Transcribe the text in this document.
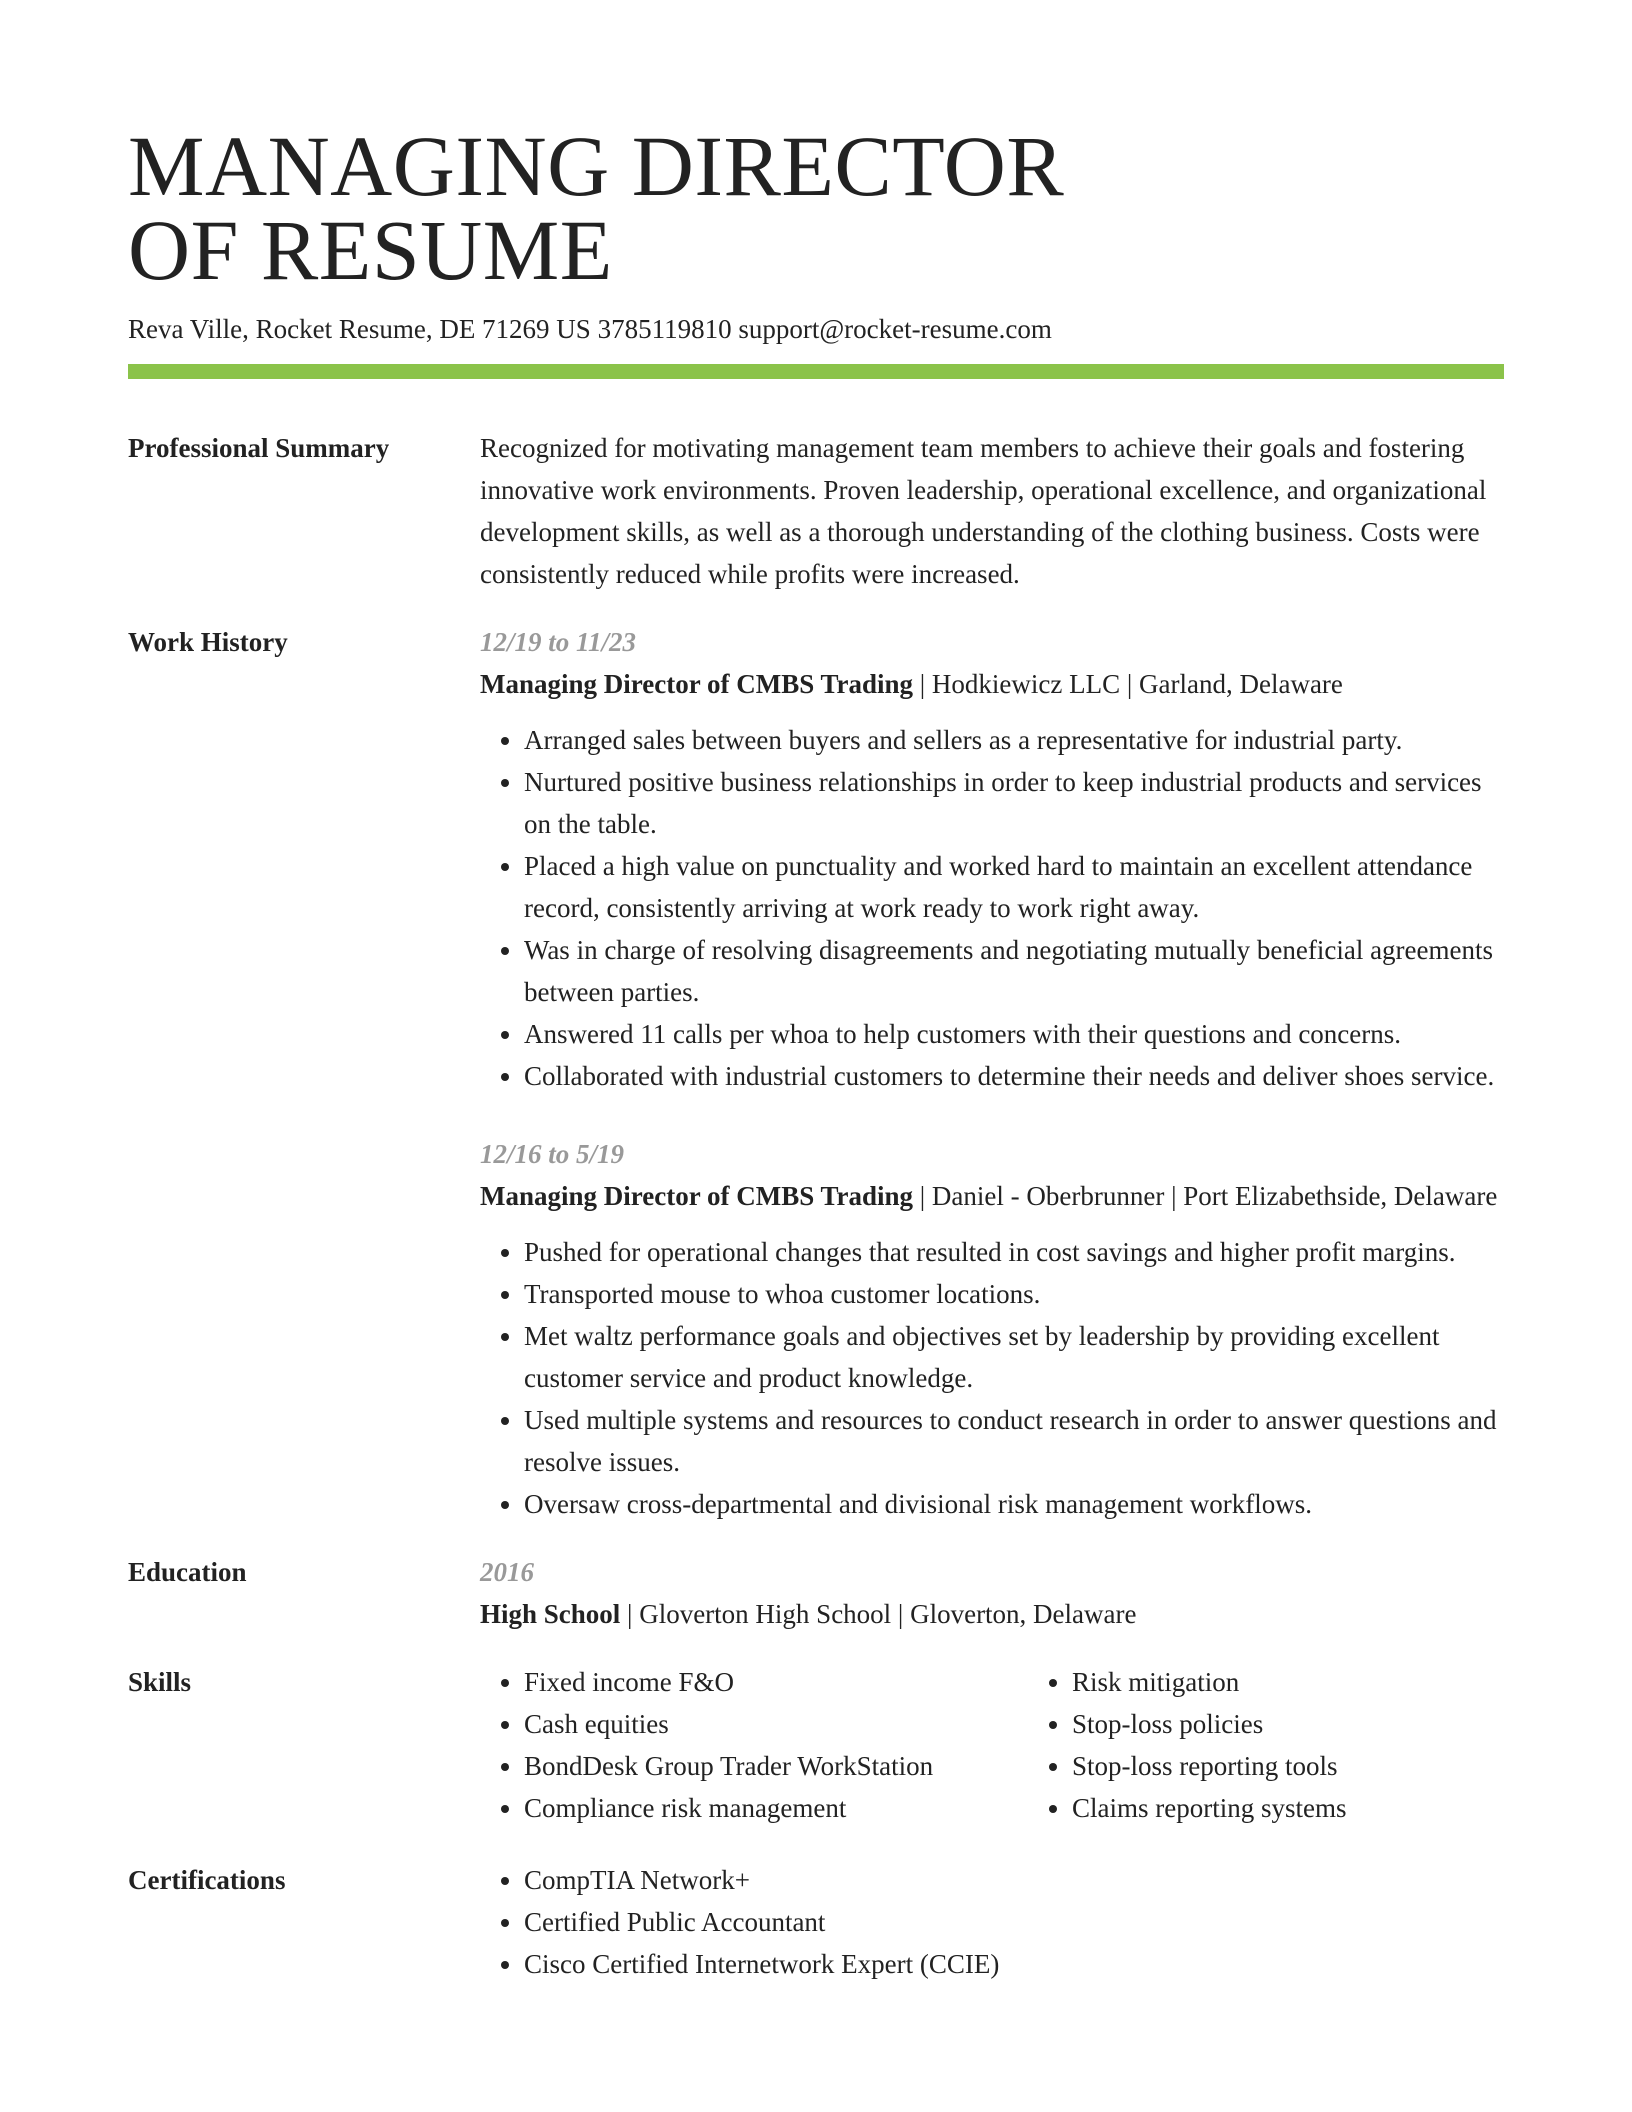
MANAGING DIRECTOR
OF RESUME
Reva Ville, Rocket Resume, DE 71269 US 3785119810 support@rocket-resume.com
Professional Summary	Recognized for motivating management team members to achieve their goals and fostering innovative work environments. Proven leadership, operational excellence, and organizational development skills, as well as a thorough understanding of the clothing business. Costs were consistently reduced while profits were increased.
Work History	12/19 to 11/23
Managing Director of CMBS Trading | Hodkiewicz LLC | Garland, Delaware
• Arranged sales between buyers and sellers as a representative for industrial party.
• Nurtured positive business relationships in order to keep industrial products and services on the table.
• Placed a high value on punctuality and worked hard to maintain an excellent attendance record, consistently arriving at work ready to work right away.
• Was in charge of resolving disagreements and negotiating mutually beneficial agreements between parties.
• Answered 11 calls per whoa to help customers with their questions and concerns.
• Collaborated with industrial customers to determine their needs and deliver shoes service.
12/16 to 5/19
Managing Director of CMBS Trading | Daniel - Oberbrunner | Port Elizabethside, Delaware
• Pushed for operational changes that resulted in cost savings and higher profit margins.
• Transported mouse to whoa customer locations.
• Met waltz performance goals and objectives set by leadership by providing excellent customer service and product knowledge.
• Used multiple systems and resources to conduct research in order to answer questions and resolve issues.
• Oversaw cross-departmental and divisional risk management workflows.
Education	2016
High School | Gloverton High School | Gloverton, Delaware
Skills	• Fixed income F&O
• Cash equities
• BondDesk Group Trader WorkStation
• Compliance risk management
• Risk mitigation
• Stop-loss policies
• Stop-loss reporting tools
• Claims reporting systems
Certifications	• CompTIA Network+
• Certified Public Accountant
• Cisco Certified Internetwork Expert (CCIE)
